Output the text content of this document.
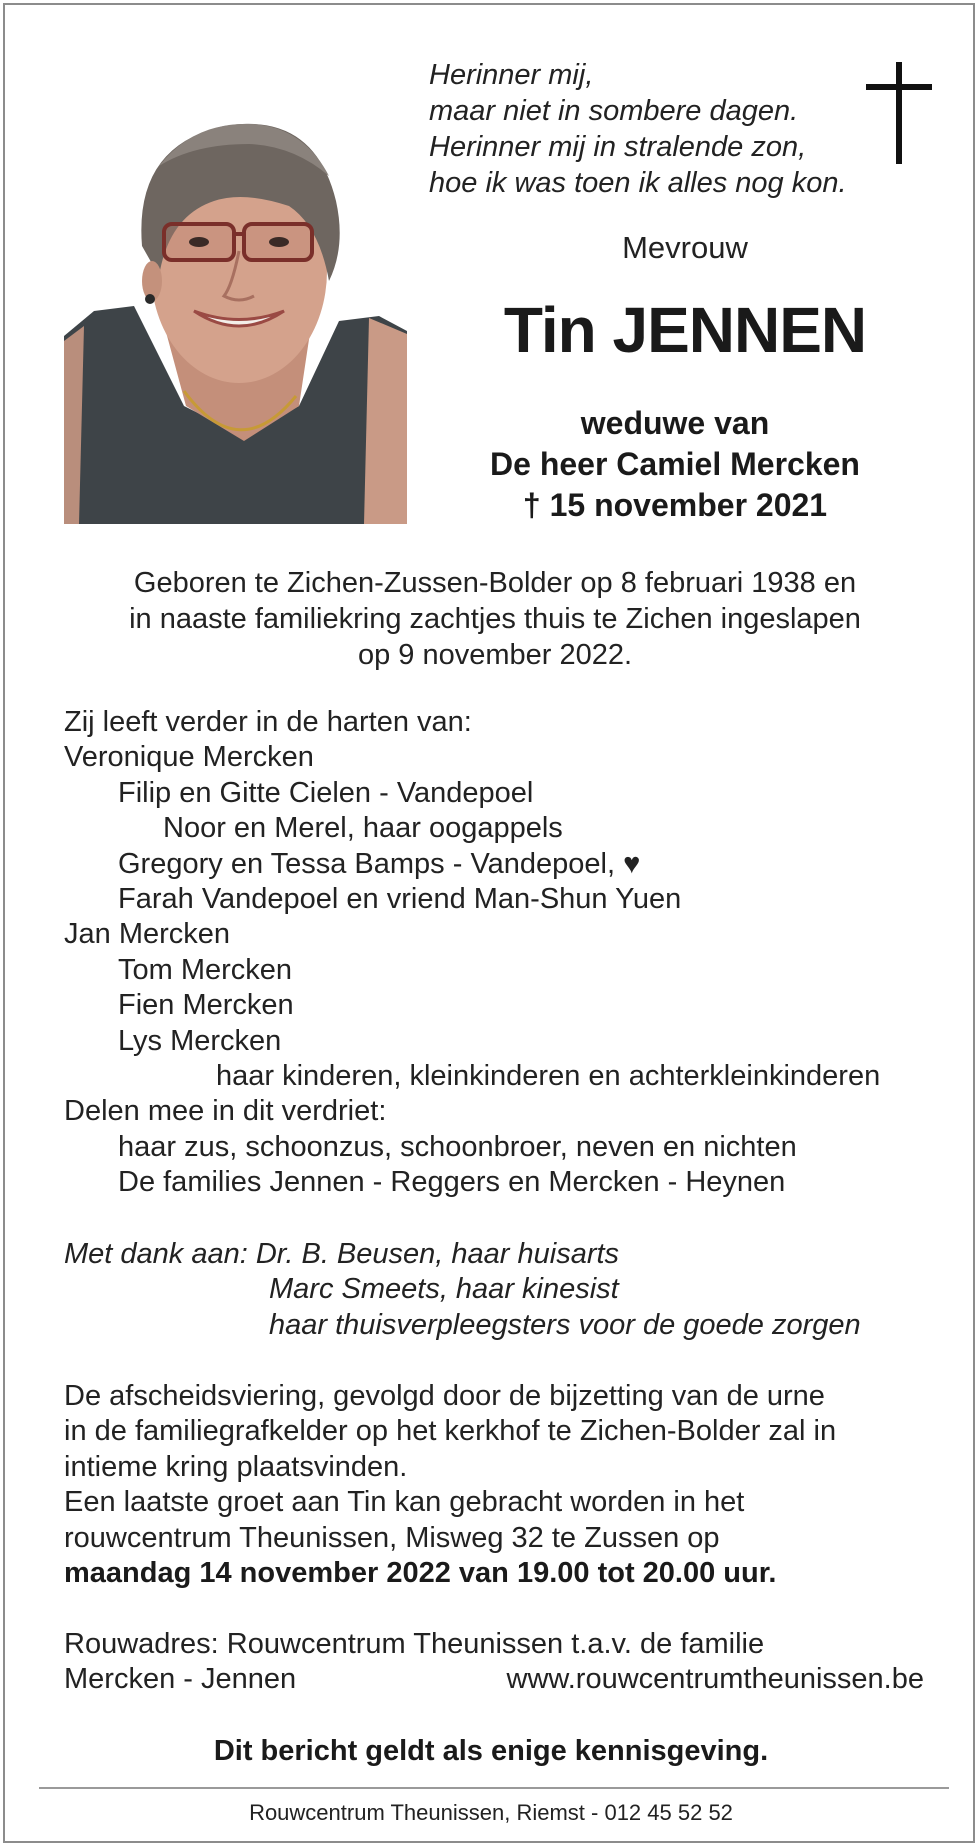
Herinner mij,
maar niet in sombere dagen.
Herinner mij in stralende zon,
hoe ik was toen ik alles nog kon.
Mevrouw
Tin JENNEN
weduwe van
De heer Camiel Mercken
† 15 november 2021
Geboren te Zichen-Zussen-Bolder op 8 februari 1938 en
in naaste familiekring zachtjes thuis te Zichen ingeslapen
op 9 november 2022.
Zij leeft verder in de harten van:
Veronique Mercken
Filip en Gitte Cielen - Vandepoel
Noor en Merel, haar oogappels
Gregory en Tessa Bamps - Vandepoel, ♥
Farah Vandepoel en vriend Man-Shun Yuen
Jan Mercken
Tom Mercken
Fien Mercken
Lys Mercken
haar kinderen, kleinkinderen en achterkleinkinderen
Delen mee in dit verdriet:
haar zus, schoonzus, schoonbroer, neven en nichten
De families Jennen - Reggers en Mercken - Heynen
Met dank aan: Dr. B. Beusen, haar huisarts
Marc Smeets, haar kinesist
haar thuisverpleegsters voor de goede zorgen
De afscheidsviering, gevolgd door de bijzetting van de urne
in de familiegrafkelder op het kerkhof te Zichen-Bolder zal in
intieme kring plaatsvinden.
Een laatste groet aan Tin kan gebracht worden in het
rouwcentrum Theunissen, Misweg 32 te Zussen op
maandag 14 november 2022 van 19.00 tot 20.00 uur.
Rouwadres: Rouwcentrum Theunissen t.a.v. de familie
Mercken - Jennen	www.rouwcentrumtheunissen.be
Dit bericht geldt als enige kennisgeving.
Rouwcentrum Theunissen, Riemst - 012 45 52 52
